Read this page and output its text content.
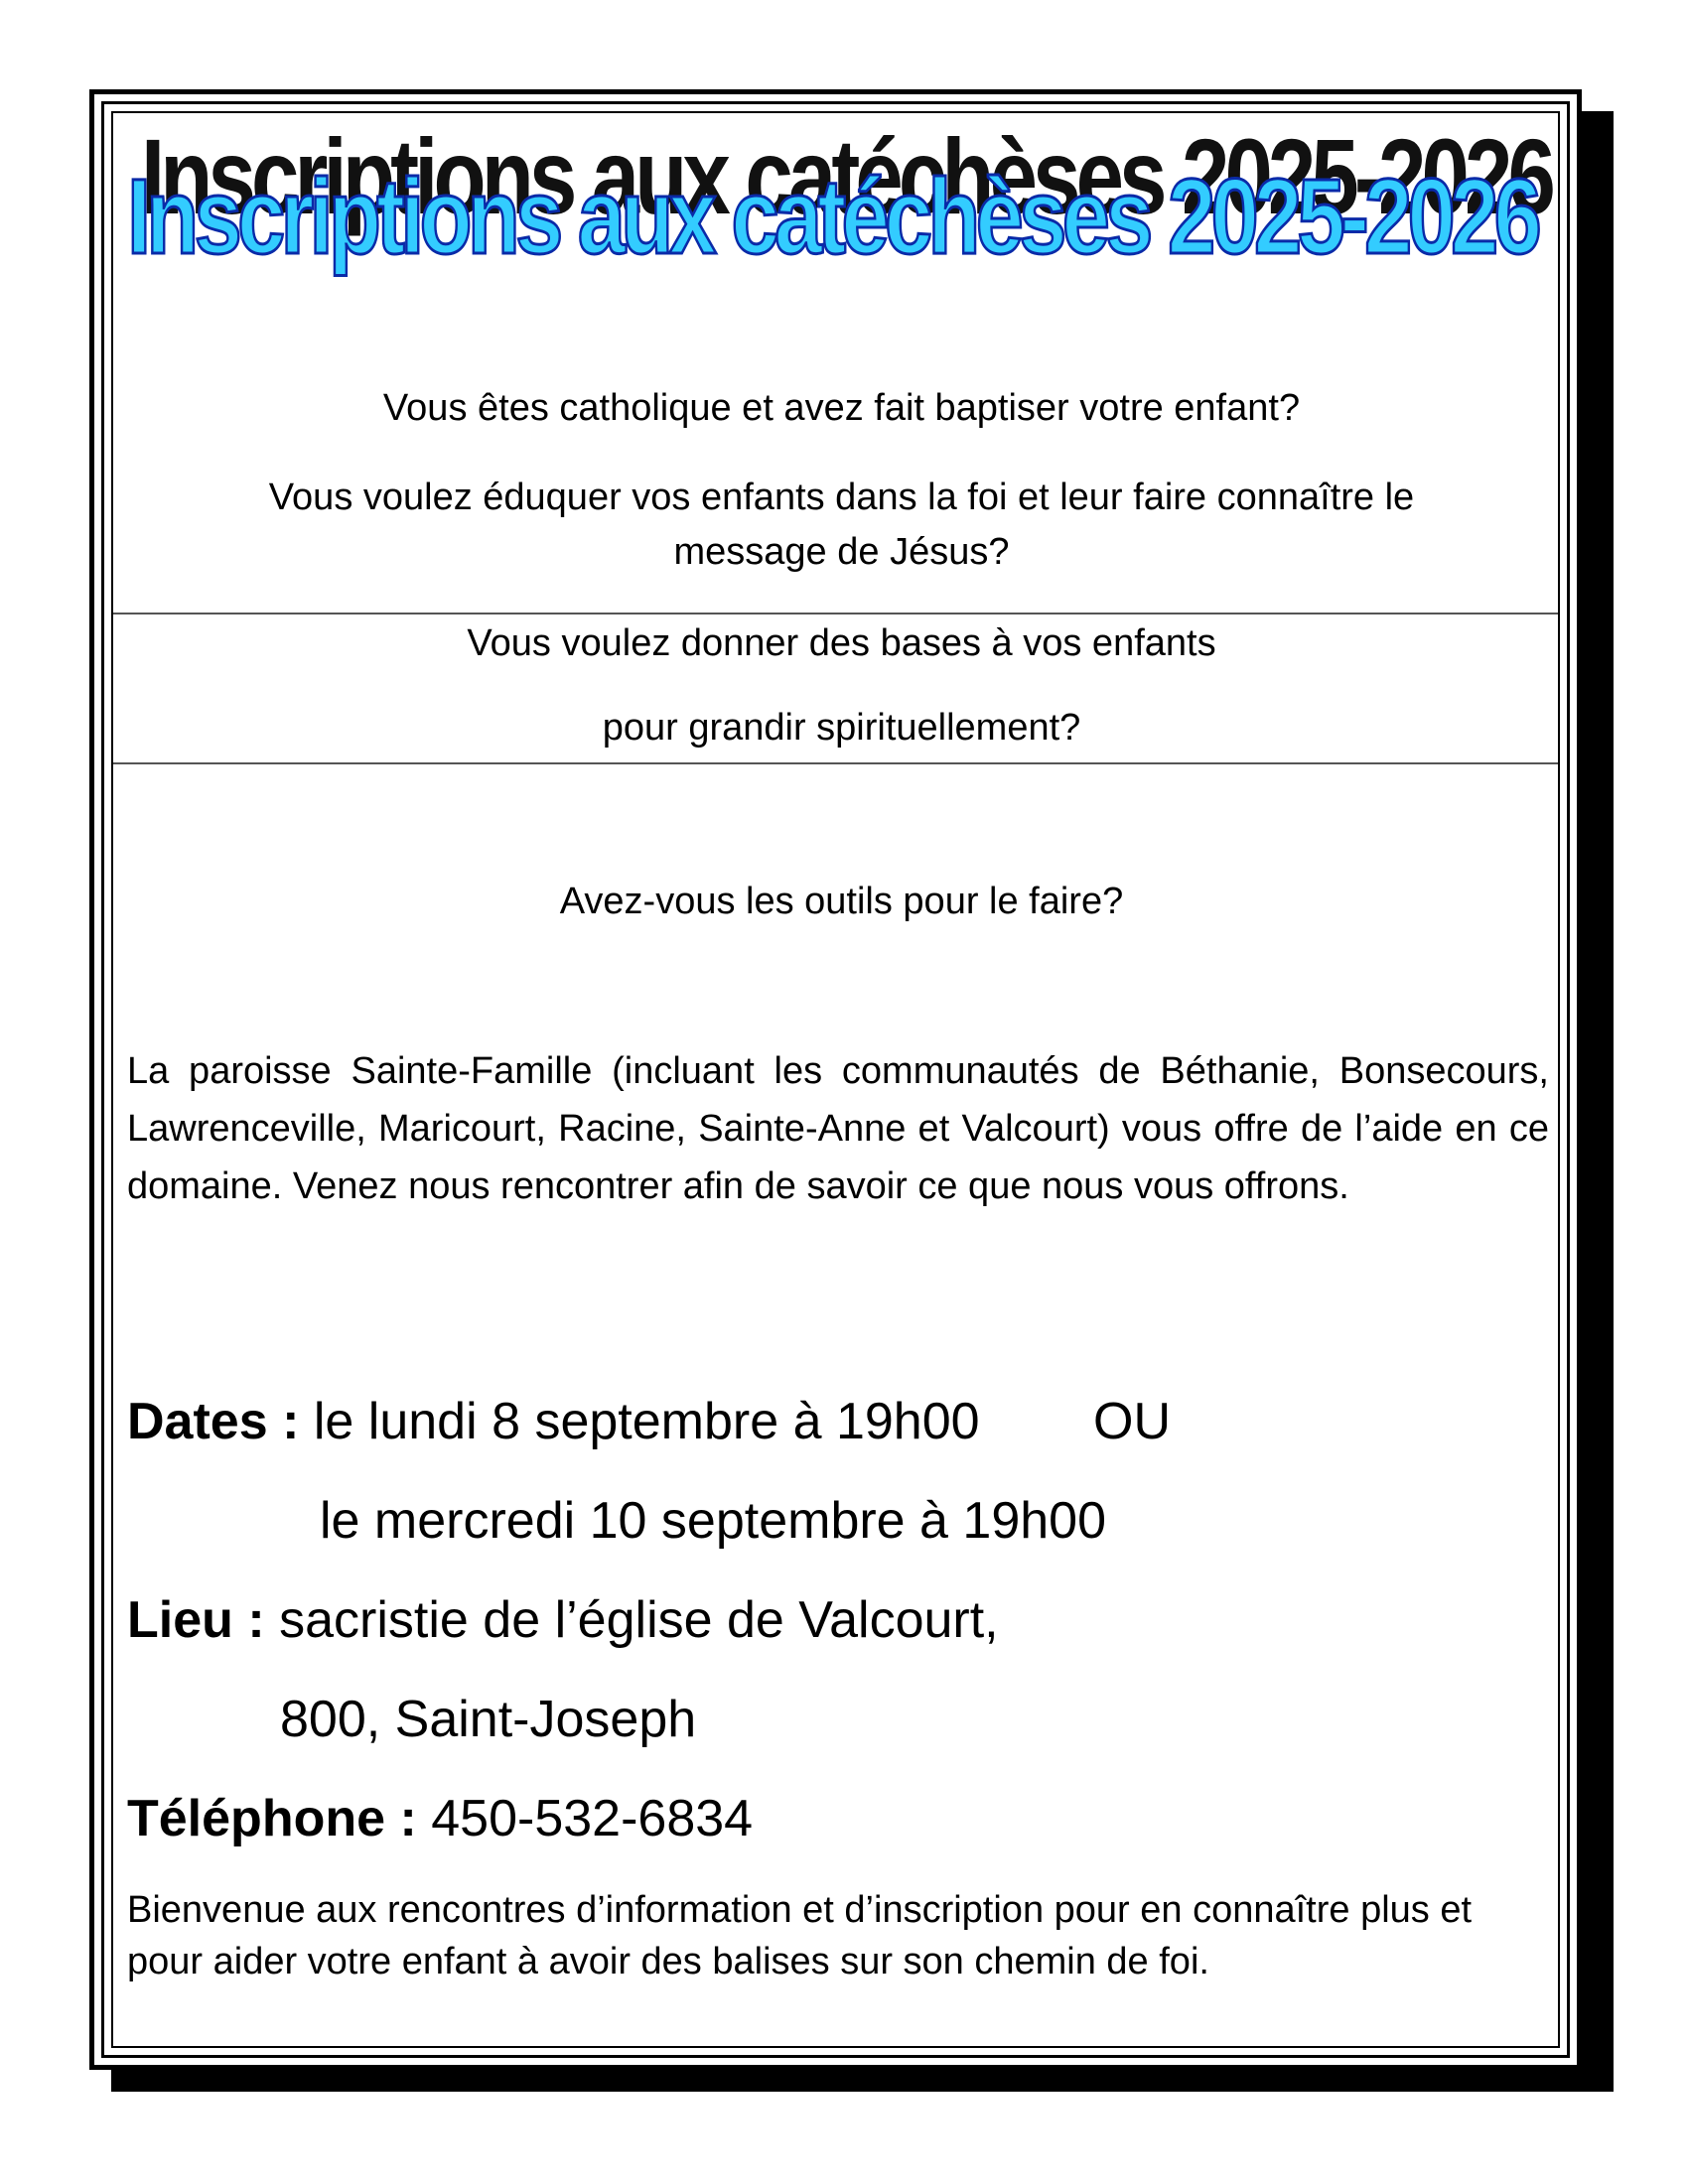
Inscriptions aux catéchèses 2025-2026
Inscriptions aux catéchèses 2025-2026
Vous êtes catholique et avez fait baptiser votre enfant?
Vous voulez éduquer vos enfants dans la foi et leur faire connaître le
message de Jésus?
Vous voulez donner des bases à vos enfants
pour grandir spirituellement?
Avez-vous les outils pour le faire?
La paroisse Sainte-Famille (incluant les communautés de Béthanie, Bonsecours, Lawrenceville, Maricourt, Racine, Sainte-Anne et Valcourt) vous offre de l’aide en ce domaine. Venez nous rencontrer afin de savoir ce que nous vous offrons.
Dates : le lundi 8 septembre à 19h00 OU
le mercredi 10 septembre à 19h00
Lieu : sacristie de l’église de Valcourt,
800, Saint-Joseph
Téléphone : 450-532-6834
Bienvenue aux rencontres d’information et d’inscription pour en connaître plus et pour aider votre enfant à avoir des balises sur son chemin de foi.
